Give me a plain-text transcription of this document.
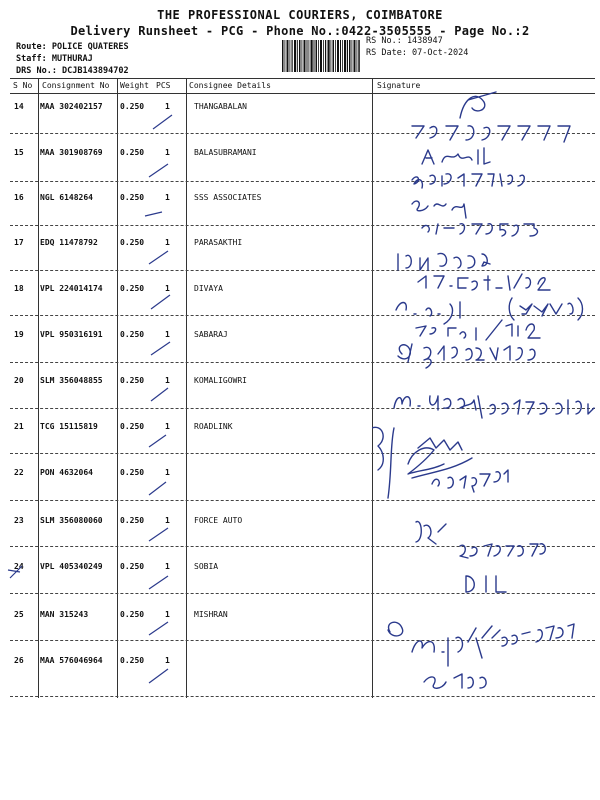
THE PROFESSIONAL COURIERS, COIMBATORE
Delivery Runsheet - PCG - Phone No.:0422-3505555 - Page No.:2
Route: POLICE QUATERES
Staff: MUTHURAJ
DRS No.: DCJB143894702
RS No.: 1438947
RS Date: 07-Oct-2024
S No Consignment No Weight PCS Consignee Details	Signature
14 MAA 302402157 0.250	1	THANGABALAN
15 MAA 301908769 0.250	1	BALASUBRAMANI
16 NGL 6148264	0.250	1	SSS ASSOCIATES
17 EDQ 11478792	0.250	1	PARASAKTHI
18 VPL 224014174 0.250	1	DIVAYA
19 VPL 950316191 0.250	1	SABARAJ
20 SLM 356048855 0.250	1	KOMALIGOWRI
21 TCG 15115819	0.250	1	ROADLINK
22 PON 4632064	0.250	1
23 SLM 356080060 0.250	1	FORCE AUTO
24 VPL 405340249 0.250	1	SOBIA
25 MAN 315243	0.250	1	MISHRAN
26 MAA 576046964 0.250	1
